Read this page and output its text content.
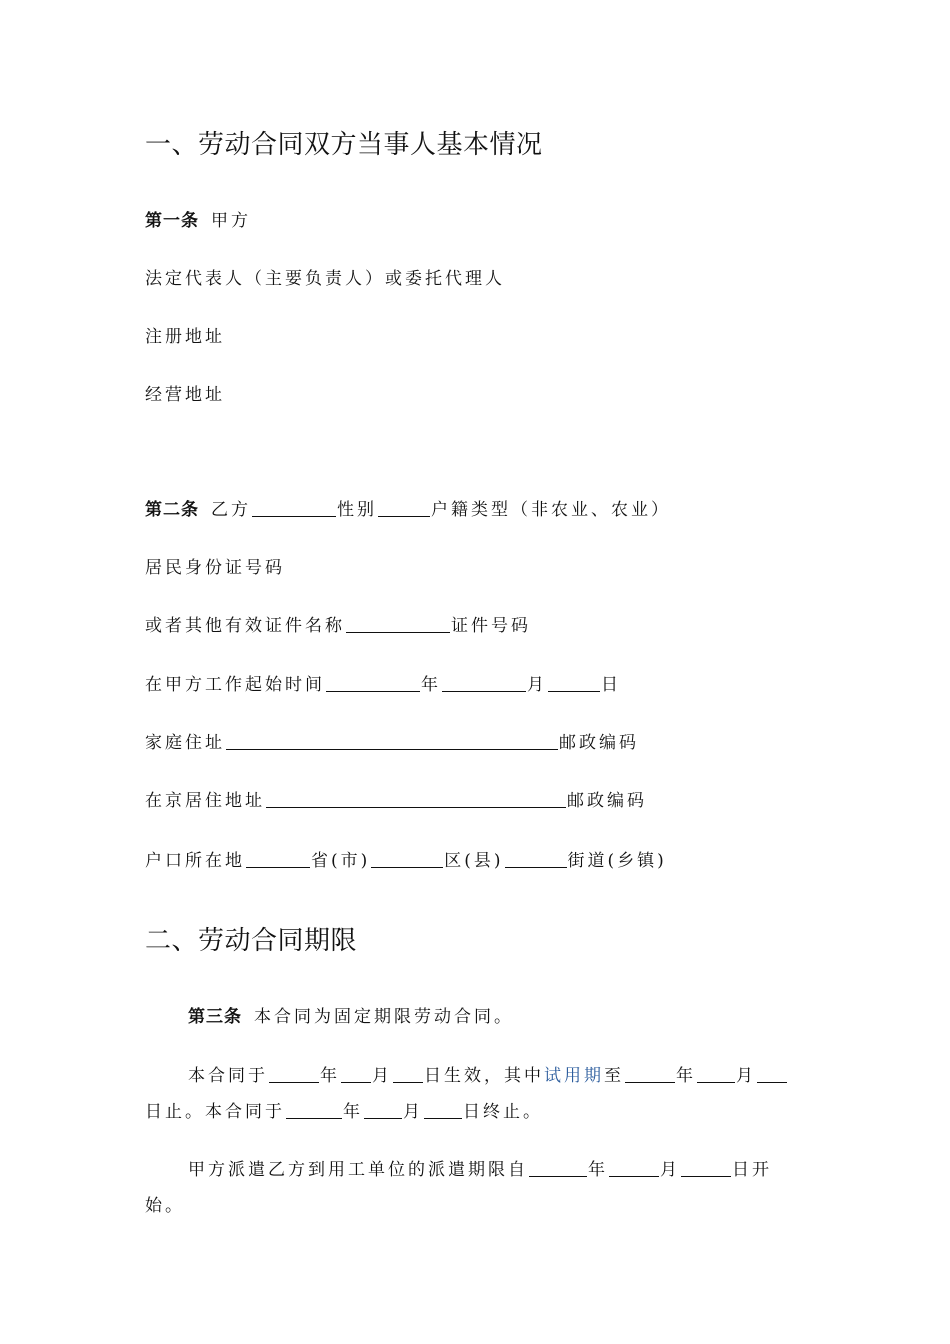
一、劳动合同双方当事人基本情况
第一条 甲方
法定代表人（主要负责人）或委托代理人
注册地址
经营地址
第二条 乙方	性别	户籍类型（非农业、农业）
居民身份证号码
或者其他有效证件名称	证件号码
在甲方工作起始时间	年	月	日
家庭住址	邮政编码
在京居住地址	邮政编码
户口所在地	省(市)	区(县)	街道(乡镇)
二、劳动合同期限
第三条 本合同为固定期限劳动合同。
本合同于	年 月 日生效，其中试用期至	年 月
日止。本合同于	年 月 日终止。
甲方派遣乙方到用工单位的派遣期限自	年	月	日开
始。
